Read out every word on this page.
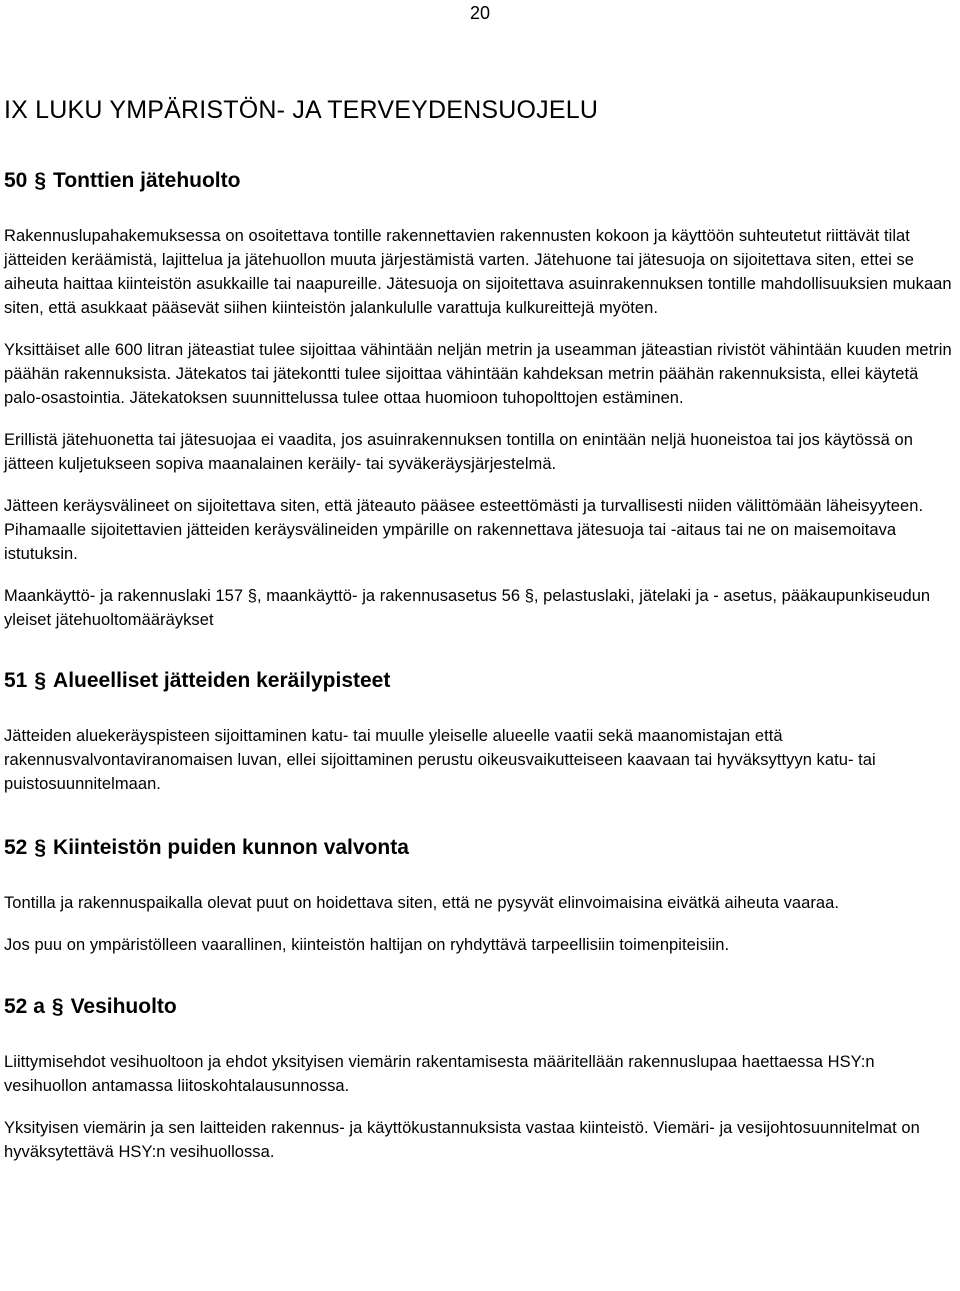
20
IX LUKU YMPÄRISTÖN- JA TERVEYDENSUOJELU
50 § Tonttien jätehuolto

Rakennuslupahakemuksessa on osoitettava tontille rakennettavien rakennusten kokoon ja käyttöön suhteutetut riittävät tilat jätteiden keräämistä, lajittelua ja jätehuollon muuta järjestämistä varten. Jätehuone tai jätesuoja on sijoitettava siten, ettei se aiheuta haittaa kiinteistön asukkaille tai naapureille. Jätesuoja on sijoitettava asuinrakennuksen tontille mahdollisuuksien mukaan siten, että asukkaat pääsevät siihen kiinteistön jalankululle varattuja kulkureittejä myöten.

Yksittäiset alle 600 litran jäteastiat tulee sijoittaa vähintään neljän metrin ja useamman jäteastian rivistöt vähintään kuuden metrin päähän rakennuksista. Jätekatos tai jätekontti tulee sijoittaa vähintään kahdeksan metrin päähän rakennuksista, ellei käytetä palo-osastointia. Jätekatoksen suunnittelussa tulee ottaa huomioon tuhopolttojen estäminen.

Erillistä jätehuonetta tai jätesuojaa ei vaadita, jos asuinrakennuksen tontilla on enintään neljä huoneistoa tai jos käytössä on jätteen kuljetukseen sopiva maanalainen keräily- tai syväkeräysjärjestelmä.

Jätteen keräysvälineet on sijoitettava siten, että jäteauto pääsee esteettömästi ja turvallisesti niiden välittömään läheisyyteen. Pihamaalle sijoitettavien jätteiden keräysvälineiden ympärille on rakennettava jätesuoja tai -aitaus tai ne on maisemoitava istutuksin.

Maankäyttö- ja rakennuslaki 157 §, maankäyttö- ja rakennusasetus 56 §, pelastuslaki, jätelaki ja - asetus, pääkaupunkiseudun yleiset jätehuoltomääräykset

51 § Alueelliset jätteiden keräilypisteet

Jätteiden aluekeräyspisteen sijoittaminen katu- tai muulle yleiselle alueelle vaatii sekä maanomistajan että rakennusvalvontaviranomaisen luvan, ellei sijoittaminen perustu oikeusvaikutteiseen kaavaan tai hyväksyttyyn katu- tai puistosuunnitelmaan.

52 § Kiinteistön puiden kunnon valvonta

Tontilla ja rakennuspaikalla olevat puut on hoidettava siten, että ne pysyvät elinvoimaisina eivätkä aiheuta vaaraa.

Jos puu on ympäristölleen vaarallinen, kiinteistön haltijan on ryhdyttävä tarpeellisiin toimenpiteisiin.

52 a § Vesihuolto

Liittymisehdot vesihuoltoon ja ehdot yksityisen viemärin rakentamisesta määritellään rakennuslupaa haettaessa HSY:n vesihuollon antamassa liitoskohtalausunnossa.

Yksityisen viemärin ja sen laitteiden rakennus- ja käyttökustannuksista vastaa kiinteistö. Viemäri- ja vesijohtosuunnitelmat on hyväksytettävä HSY:n vesihuollossa.
